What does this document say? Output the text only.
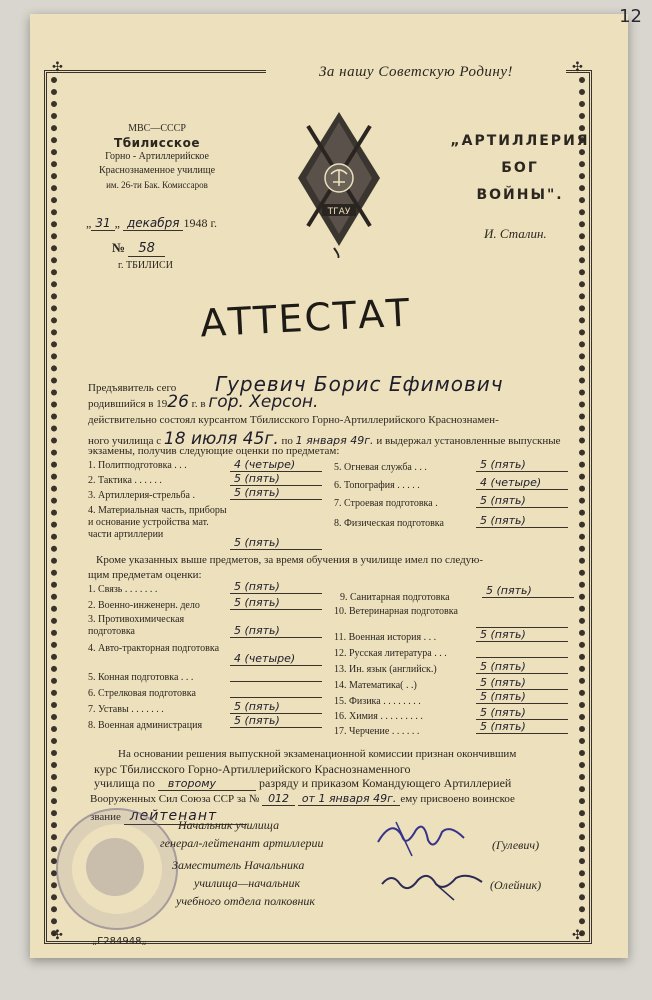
12
✣	✣
✣	✣
За нашу Советскую Родину!
МВС—СССР
Тбилисское
Горно - Артиллерийское
Краснознаменное училище
им. 26-ти Бак. Комиссаров
„ 31 „ декабря 1948 г.
№ 58
г. ТБИЛИСИ
ТГАУ
„АРТИЛЛЕРИЯ
БОГ
ВОЙНЫ".
И. Сталин.
АТТЕСТАТ
Предъявитель сего Гуревич Борис Ефимович
родившийся в 1926 г. в гор. Херсон.
действительно состоял курсантом Тбилисского Горно-Артиллерийского Краснознамен-
ного училища с 18 июля 45г. по 1 января 49г. и выдержал установленные выпускные
экзамены, получив следующие оценки по предметам:
1. Политподготовка . . .	4 (четыре)
2. Тактика . . . . . .	5 (пять)
3. Артиллерия-стрельба .	5 (пять)
4. Материальная часть, приборы и основание устройства мат. части артиллерии
5 (пять)
5. Огневая служба . . .	5 (пять)
6. Топография . . . . .	4 (четыре)
7. Строевая подготовка .	5 (пять)
8. Физическая подготовка	5 (пять)
Кроме указанных выше предметов, за время обучения в училище имел по следую-
щим предметам оценки:
1. Связь . . . . . . .	5 (пять)
2. Военно-инженерн. дело	5 (пять)
3. Противохимическая подготовка	5 (пять)
4. Авто-тракторная подготовка
4 (четыре)
5. Конная подготовка . . .
6. Стрелковая подготовка
7. Уставы . . . . . . .	5 (пять)
8. Военная администрация	5 (пять)
9. Санитарная подготовка
5 (пять)
10. Ветеринарная подготовка
11. Военная история . . .	5 (пять)
12. Русская литература . . .
13. Ин. язык (английск.)	5 (пять)
14. Математика( . .)	5 (пять)
15. Физика . . . . . . . .	5 (пять)
16. Химия . . . . . . . . .	5 (пять)
17. Черчение . . . . . .	5 (пять)
На основании решения выпускной экзаменационной комиссии признан окончившим
курс Тбилисского Горно-Артиллерийского Краснознаменного
училища по второму	разряду и приказом Командующего Артиллерией
Вооруженных Сил Союза ССР за № 012 от 1 января 49г. ему присвоено воинское
звание лейтенант
Начальник училища
генерал-лейтенант артиллерии	(Гулевич)
Заместитель Начальника
училища—начальник
учебного отдела полковник
(Олейник)
„Г284948„
